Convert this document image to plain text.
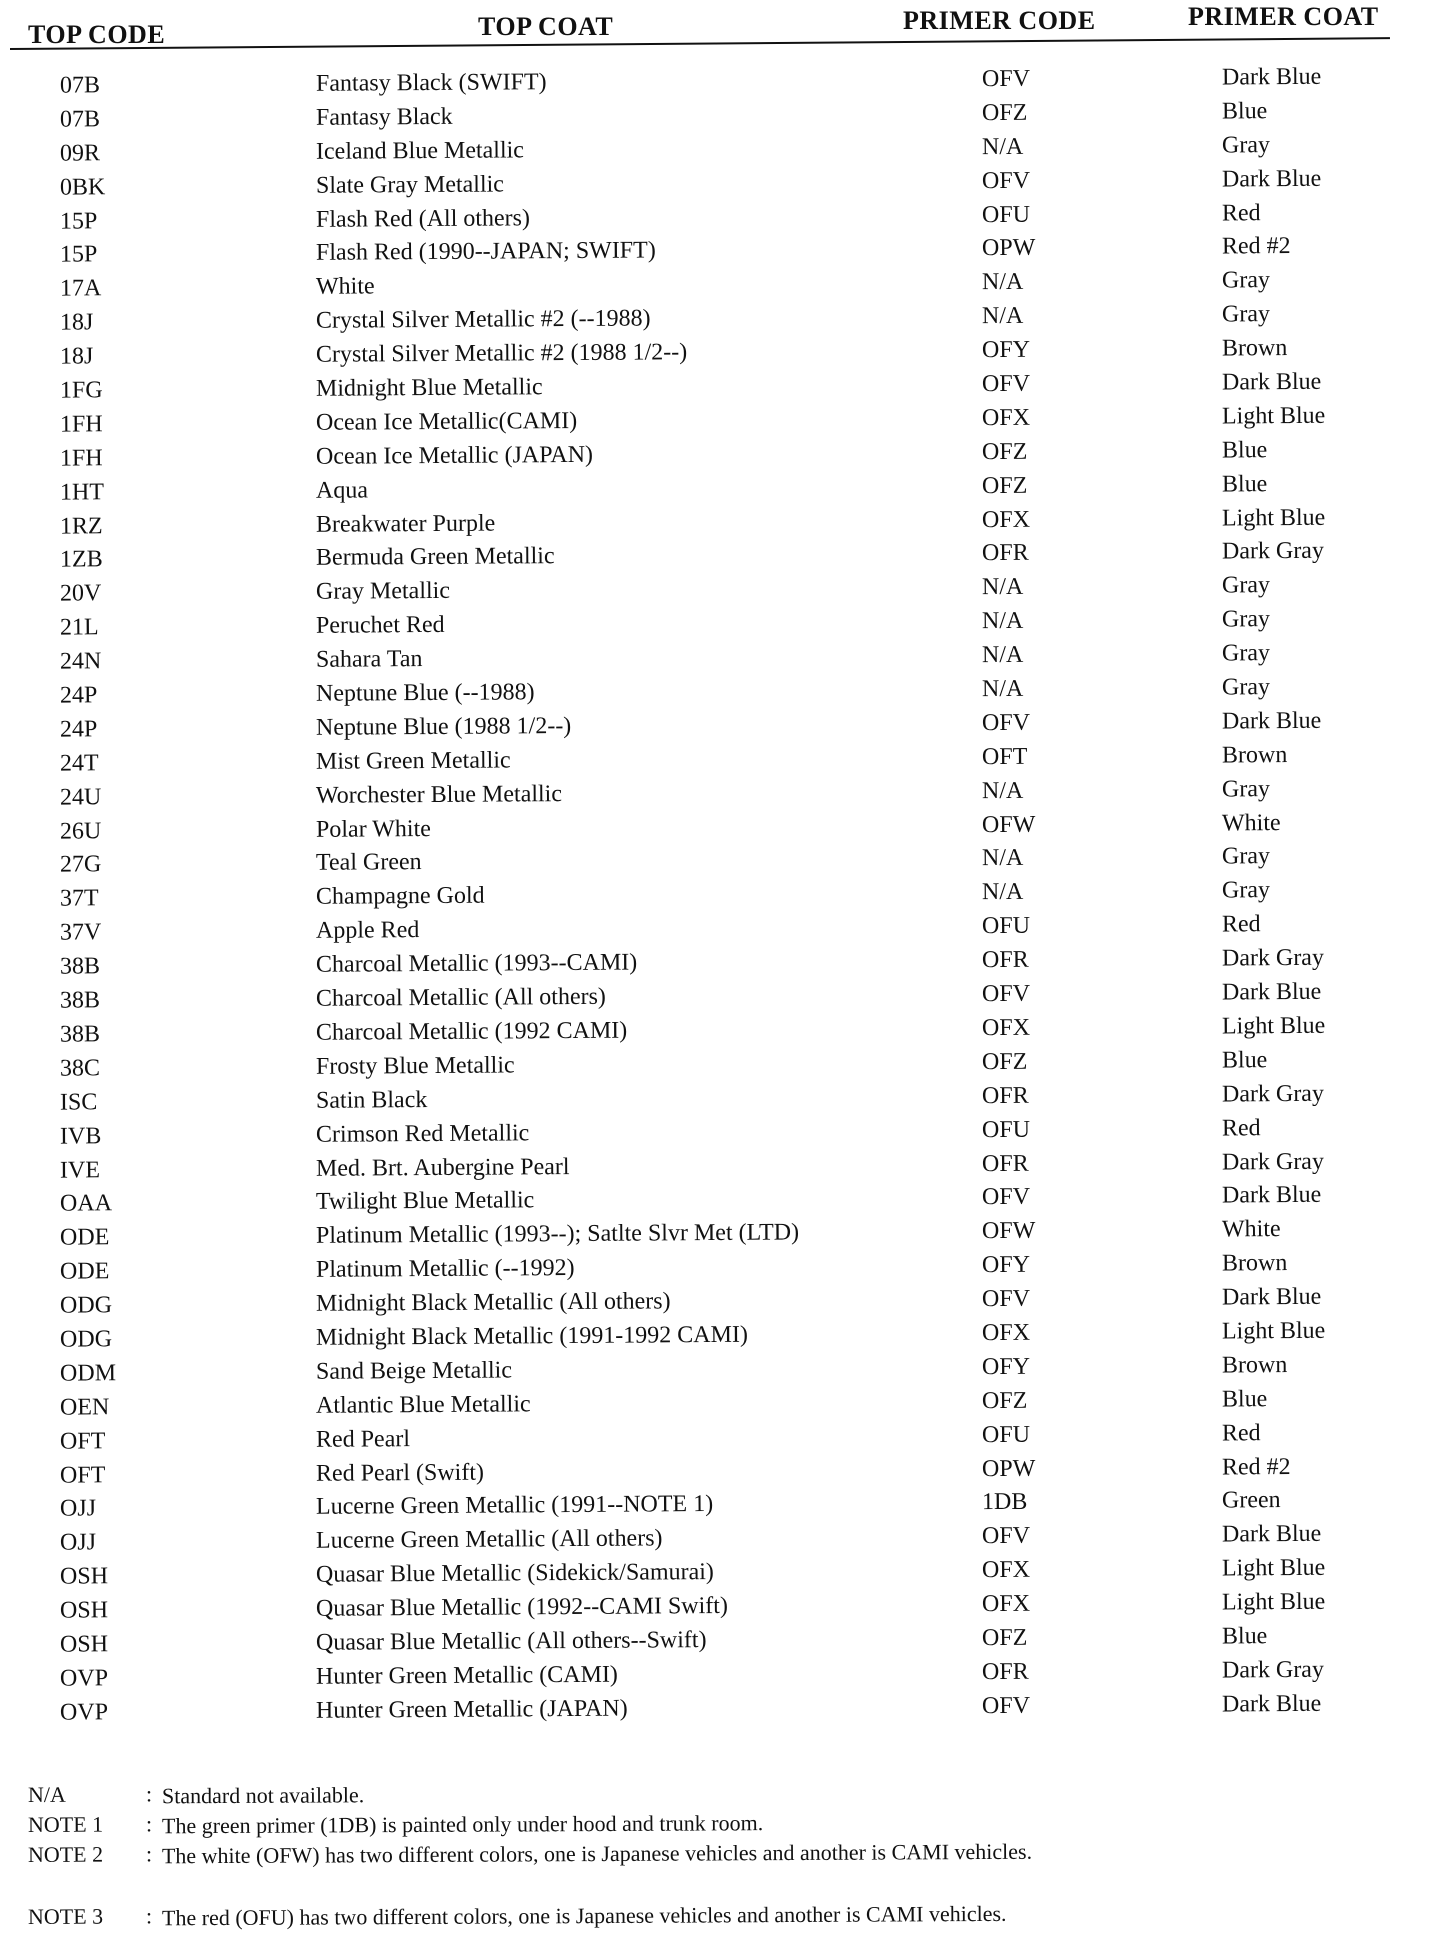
TOP CODE	TOP COAT	PRIMER CODE	PRIMER COAT
07B	Fantasy Black (SWIFT)	OFV	Dark Blue
07B	Fantasy Black	OFZ	Blue
09R	Iceland Blue Metallic	N/A	Gray
0BK	Slate Gray Metallic	OFV	Dark Blue
15P	Flash Red (All others)	OFU	Red
15P	Flash Red (1990--JAPAN; SWIFT)	OPW	Red #2
17A	White	N/A	Gray
18J	Crystal Silver Metallic #2 (--1988)	N/A	Gray
18J	Crystal Silver Metallic #2 (1988 1/2--)	OFY	Brown
1FG	Midnight Blue Metallic	OFV	Dark Blue
1FH	Ocean Ice Metallic(CAMI)	OFX	Light Blue
1FH	Ocean Ice Metallic (JAPAN)	OFZ	Blue
1HT	Aqua	OFZ	Blue
1RZ	Breakwater Purple	OFX	Light Blue
1ZB	Bermuda Green Metallic	OFR	Dark Gray
20V	Gray Metallic	N/A	Gray
21L	Peruchet Red	N/A	Gray
24N	Sahara Tan	N/A	Gray
24P	Neptune Blue (--1988)	N/A	Gray
24P	Neptune Blue (1988 1/2--)	OFV	Dark Blue
24T	Mist Green Metallic	OFT	Brown
24U	Worchester Blue Metallic	N/A	Gray
26U	Polar White	OFW	White
27G	Teal Green	N/A	Gray
37T	Champagne Gold	N/A	Gray
37V	Apple Red	OFU	Red
38B	Charcoal Metallic (1993--CAMI)	OFR	Dark Gray
38B	Charcoal Metallic (All others)	OFV	Dark Blue
38B	Charcoal Metallic (1992 CAMI)	OFX	Light Blue
38C	Frosty Blue Metallic	OFZ	Blue
ISC	Satin Black	OFR	Dark Gray
IVB	Crimson Red Metallic	OFU	Red
IVE	Med. Brt. Aubergine Pearl	OFR	Dark Gray
OAA	Twilight Blue Metallic	OFV	Dark Blue
ODE	Platinum Metallic (1993--); Satlte Slvr Met (LTD)	OFW	White
ODE	Platinum Metallic (--1992)	OFY	Brown
ODG	Midnight Black Metallic (All others)	OFV	Dark Blue
ODG	Midnight Black Metallic (1991-1992 CAMI)	OFX	Light Blue
ODM	Sand Beige Metallic	OFY	Brown
OEN	Atlantic Blue Metallic	OFZ	Blue
OFT	Red Pearl	OFU	Red
OFT	Red Pearl (Swift)	OPW	Red #2
OJJ	Lucerne Green Metallic (1991--NOTE 1)	1DB	Green
OJJ	Lucerne Green Metallic (All others)	OFV	Dark Blue
OSH	Quasar Blue Metallic (Sidekick/Samurai)	OFX	Light Blue
OSH	Quasar Blue Metallic (1992--CAMI Swift)	OFX	Light Blue
OSH	Quasar Blue Metallic (All others--Swift)	OFZ	Blue
OVP	Hunter Green Metallic (CAMI)	OFR	Dark Gray
OVP	Hunter Green Metallic (JAPAN)	OFV	Dark Blue
N/A	: Standard not available.
NOTE 1 : The green primer (1DB) is painted only under hood and trunk room.
NOTE 2 : The white (OFW) has two different colors, one is Japanese vehicles and another is CAMI vehicles.
NOTE 3 : The red (OFU) has two different colors, one is Japanese vehicles and another is CAMI vehicles.
